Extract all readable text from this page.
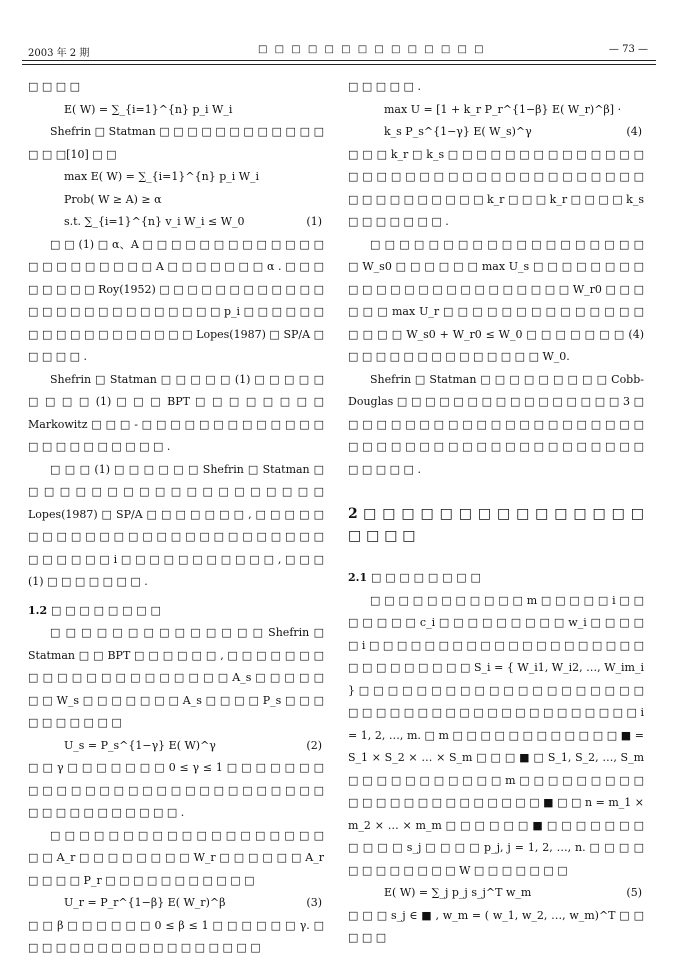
2003 年 2 期	□ □ □ □ □ □ □ □ □ □ □ □ □ □	— 73 —

□ □ □ □

E( W) = ∑_{i=1}^{n} p_i W_i

Shefrin □ Statman □ □ □ □ □ □ □ □ □ □ □ □ □ □ □[10] □ □

max E( W) = ∑_{i=1}^{n} p_i W_i
Prob( W ≥ A) ≥ α
s.t. ∑_{i=1}^{n} v_i W_i ≤ W_0	(1)

□ □ (1) □ α、A □ □ □ □ □ □ □ □ □ □ □ □ □ □ □ □ □ □ □ □ □ □ A □ □ □ □ □ □ □ α . □ □ □ □ □ □ □ □ Roy(1952) □ □ □ □ □ □ □ □ □ □ □ □ □ □ □ □ □ □ □ □ □ □ □ □ □ □ p_i □ □ □ □ □ □ □ □ □ □ □ □ □ □ □ □ □ □ Lopes(1987) □ SP/A □ □ □ □ □ .

Shefrin □ Statman □ □ □ □ □ (1) □ □ □ □ □ □ □ □ □ (1) □ □ □ BPT □ □ □ □ □ □ □ □ Markowitz □ □ □ - □ □ □ □ □ □ □ □ □ □ □ □ □ □ □ □ □ □ □ □ □ □ □ .

□ □ □ (1) □ □ □ □ □ □ Shefrin □ Statman □ □ □ □ □ □ □ □ □ □ □ □ □ □ □ □ □ □ □ □ Lopes(1987) □ SP/A □ □ □ □ □ □ □ , □ □ □ □ □ □ □ □ □ □ □ □ □ □ □ □ □ □ □ □ □ □ □ □ □ □ □ □ □ □ □ □ i □ □ □ □ □ □ □ □ □ □ □ , □ □ □ (1) □ □ □ □ □ □ □ .

1.2 □ □ □ □ □ □ □ □

□ □ □ □ □ □ □ □ □ □ □ □ □ □ Shefrin □ Statman □ □ BPT □ □ □ □ □ □ , □ □ □ □ □ □ □ □ □ □ □ □ □ □ □ □ □ □ □ □ □ A_s □ □ □ □ □ □ □ W_s □ □ □ □ □ □ □ A_s □ □ □ □ P_s □ □ □ □ □ □ □ □ □ □

U_s = P_s^{1−γ} E( W)^γ	(2)

□ □ γ □ □ □ □ □ □ □ 0 ≤ γ ≤ 1 □ □ □ □ □ □ □ □ □ □ □ □ □ □ □ □ □ □ □ □ □ □ □ □ □ □ □ □ □ □ □ □ □ □ □ □ □ □ □ .

□ □ □ □ □ □ □ □ □ □ □ □ □ □ □ □ □ □ □ □ □ A_r □ □ □ □ □ □ □ □ W_r □ □ □ □ □ □ A_r □ □ □ □ P_r □ □ □ □ □ □ □ □ □ □ □

U_r = P_r^{1−β} E( W_r)^β	(3)

□ □ β □ □ □ □ □ □ 0 ≤ β ≤ 1 □ □ □ □ □ □ γ. □ □ □ □ □ □ □ □ □ □ □ □ □ □ □ □ □ □

□ □ □ □ □ .

max U = [1 + k_r P_r^{1−β} E( W_r)^β] ·
k_s P_s^{1−γ} E( W_s)^γ	(4)

□ □ □ k_r □ k_s □ □ □ □ □ □ □ □ □ □ □ □ □ □ □ □ □ □ □ □ □ □ □ □ □ □ □ □ □ □ □ □ □ □ □ □ □ □ □ □ □ □ □ □ □ k_r □ □ □ k_r □ □ □ □ k_s □ □ □ □ □ □ □ .

□ □ □ □ □ □ □ □ □ □ □ □ □ □ □ □ □ □ □ □ W_s0 □ □ □ □ □ □ max U_s □ □ □ □ □ □ □ □ □ □ □ □ □ □ □ □ □ □ □ □ □ □ □ □ W_r0 □ □ □ □ □ □ max U_r □ □ □ □ □ □ □ □ □ □ □ □ □ □ □ □ □ □ W_s0 + W_r0 ≤ W_0 □ □ □ □ □ □ □ (4) □ □ □ □ □ □ □ □ □ □ □ □ □ □ W_0.

Shefrin □ Statman □ □ □ □ □ □ □ □ □ Cobb-Douglas □ □ □ □ □ □ □ □ □ □ □ □ □ □ □ □ 3 □ □ □ □ □ □ □ □ □ □ □ □ □ □ □ □ □ □ □ □ □ □ □ □ □ □ □ □ □ □ □ □ □ □ □ □ □ □ □ □ □ □ □ □ □ □ □ □ .

2 □ □ □ □ □ □ □ □ □ □ □ □ □ □ □ □ □ □ □

2.1 □ □ □ □ □ □ □ □

□ □ □ □ □ □ □ □ □ □ □ m □ □ □ □ □ i □ □ □ □ □ □ □ c_i □ □ □ □ □ □ □ □ □ w_i □ □ □ □ □ i □ □ □ □ □ □ □ □ □ □ □ □ □ □ □ □ □ □ □ □ □ □ □ □ □ □ □ □ □ S_i = { W_i1, W_i2, …, W_im_i } □ □ □ □ □ □ □ □ □ □ □ □ □ □ □ □ □ □ □ □ □ □ □ □ □ □ □ □ □ □ □ □ □ □ □ □ □ □ □ □ □ i = 1, 2, …, m. □ m □ □ □ □ □ □ □ □ □ □ □ □ ■ = S_1 × S_2 × … × S_m □ □ □ ■ □ S_1, S_2, …, S_m □ □ □ □ □ □ □ □ □ □ □ m □ □ □ □ □ □ □ □ □ □ □ □ □ □ □ □ □ □ □ □ □ □ □ ■ □ □ n = m_1 × m_2 × … × m_m □ □ □ □ □ □ ■ □ □ □ □ □ □ □ □ □ □ □ s_j □ □ □ □ p_j, j = 1, 2, …, n. □ □ □ □ □ □ □ □ □ □ □ □ W □ □ □ □ □ □ □

E( W) = ∑_j p_j s_j^T w_m	(5)

□ □ □ s_j ∈ ■ , w_m = ( w_1, w_2, …, w_m)^T □ □ □ □ □
